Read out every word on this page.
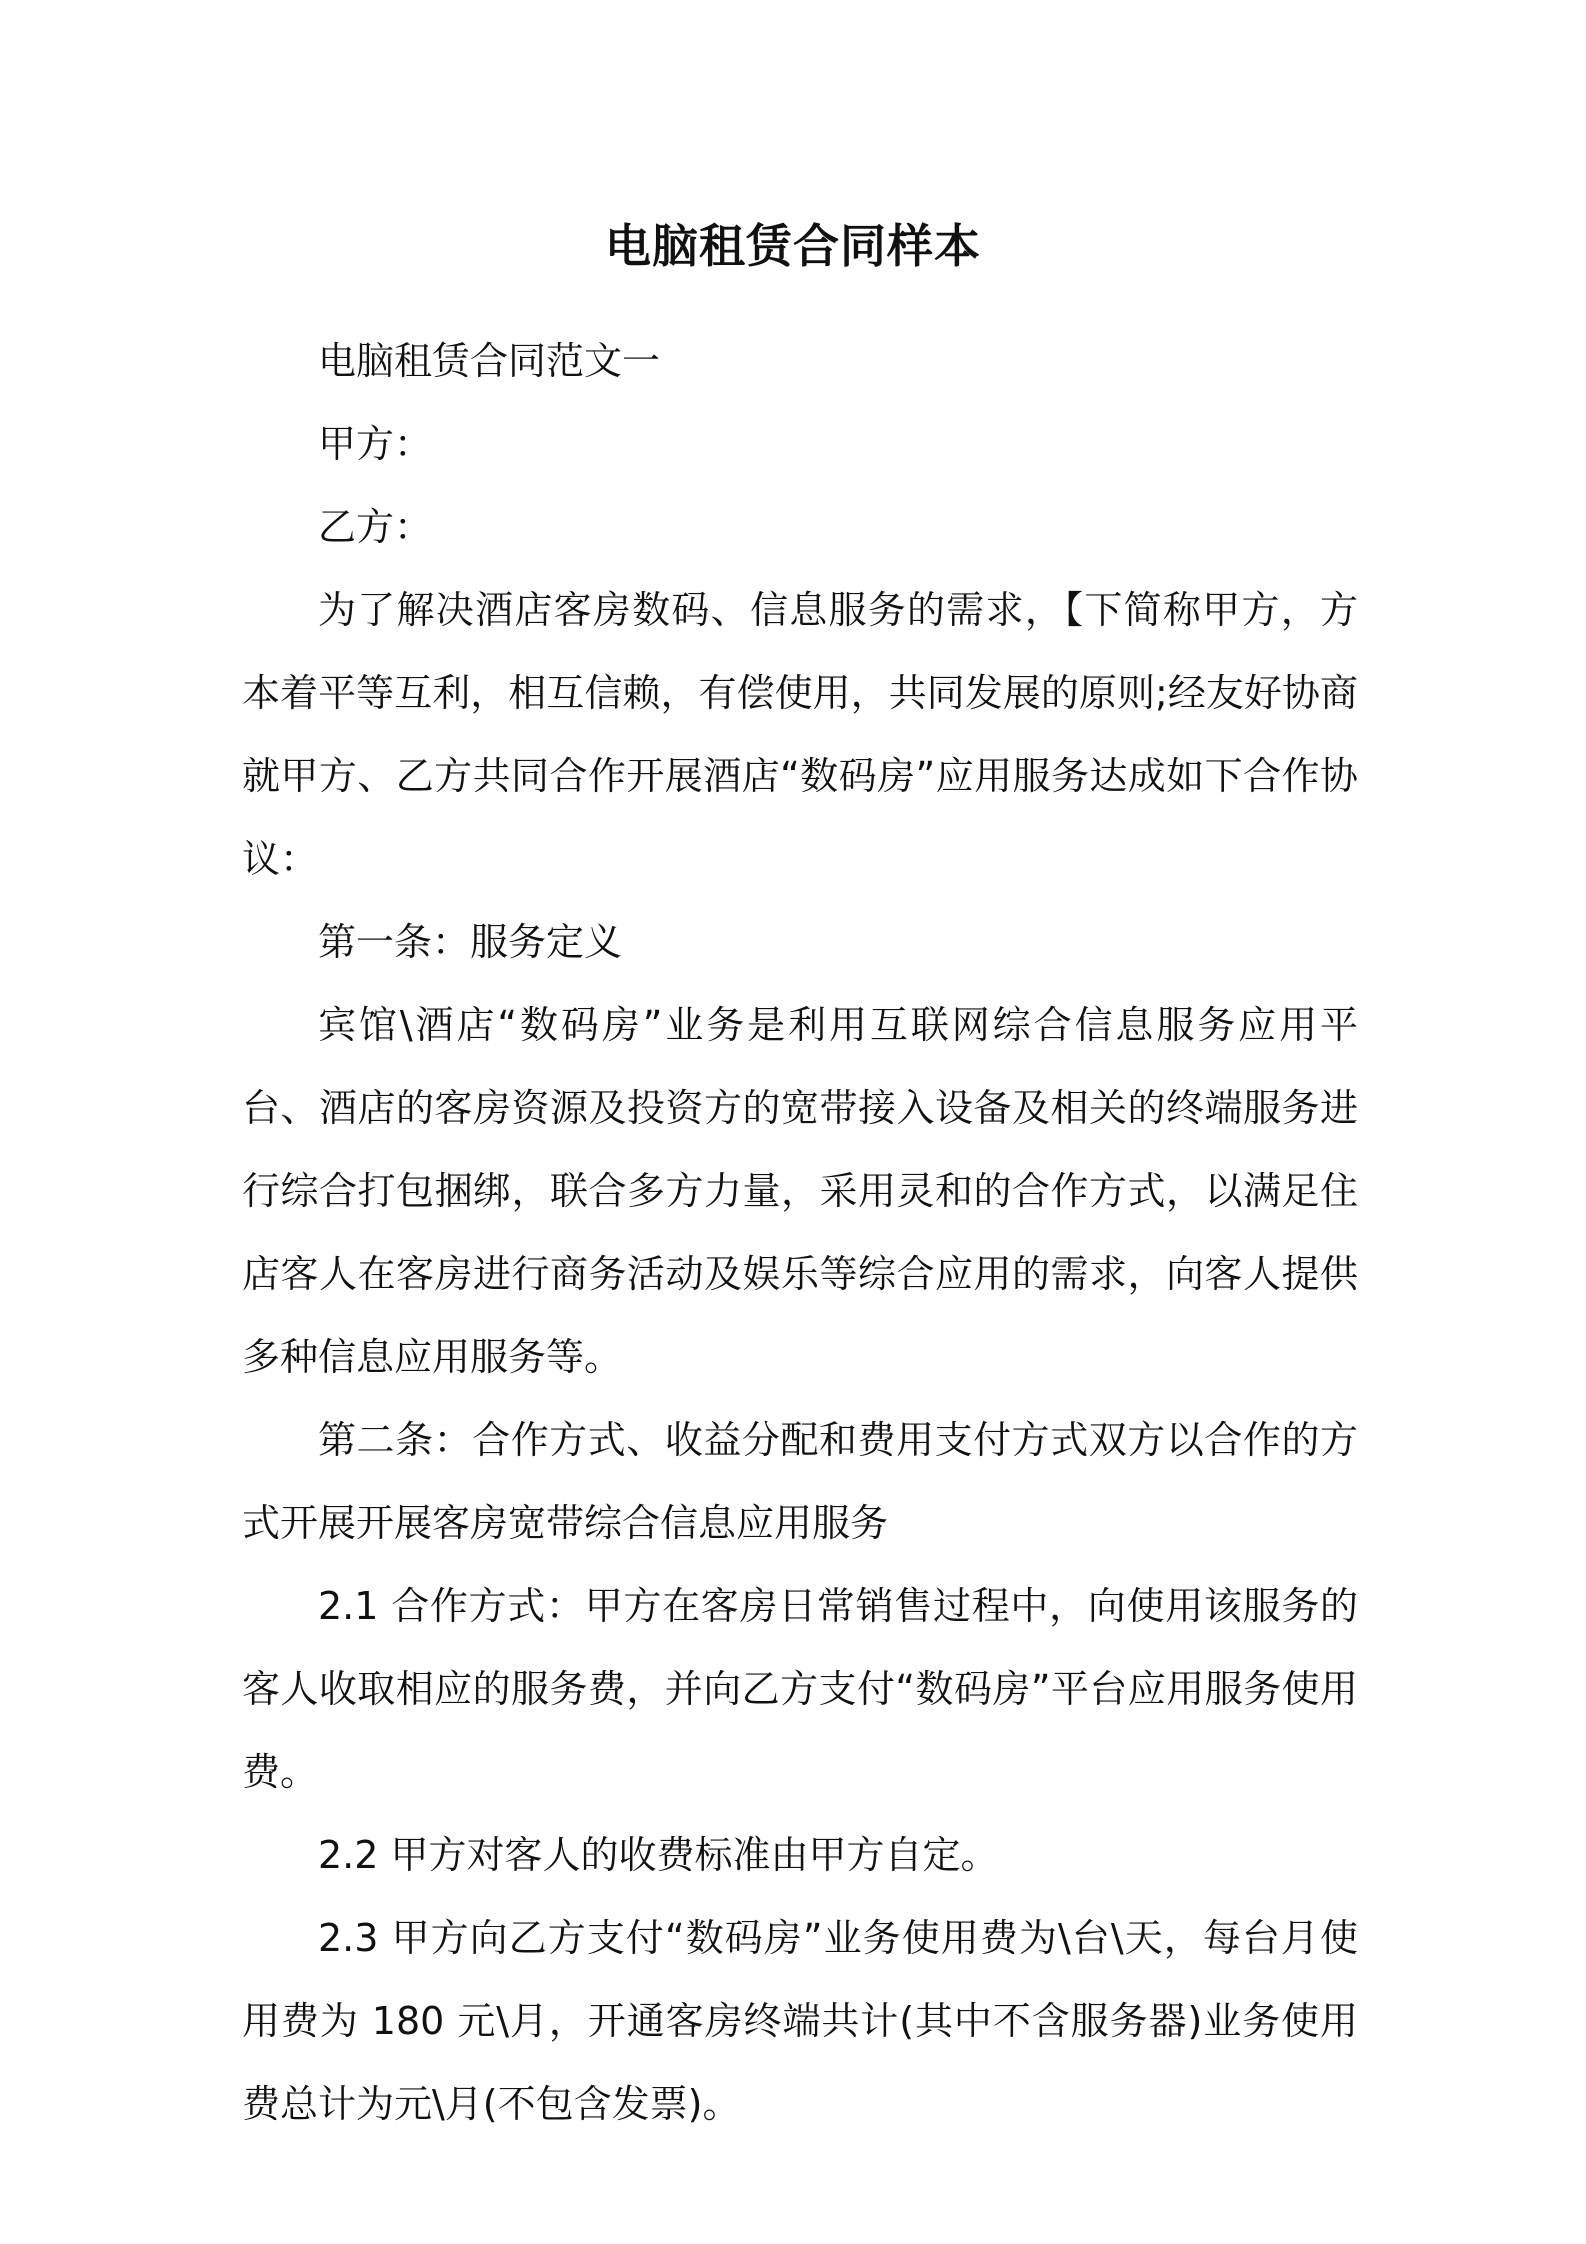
电脑租赁合同样本

电脑租赁合同范文一

甲方：

乙方：

为了解决酒店客房数码、信息服务的需求，【下简称甲方，方本着平等互利，相互信赖，有偿使用，共同发展的原则;经友好协商就甲方、乙方共同合作开展酒店“数码房”应用服务达成如下合作协议：

第一条：服务定义

宾馆\酒店“数码房”业务是利用互联网综合信息服务应用平台、酒店的客房资源及投资方的宽带接入设备及相关的终端服务进行综合打包捆绑，联合多方力量，采用灵和的合作方式，以满足住店客人在客房进行商务活动及娱乐等综合应用的需求，向客人提供多种信息应用服务等。

第二条：合作方式、收益分配和费用支付方式双方以合作的方式开展开展客房宽带综合信息应用服务

2.1 合作方式：甲方在客房日常销售过程中，向使用该服务的客人收取相应的服务费，并向乙方支付“数码房”平台应用服务使用费。

2.2 甲方对客人的收费标准由甲方自定。

2.3 甲方向乙方支付“数码房”业务使用费为\台\天，每台月使用费为 180 元\月，开通客房终端共计(其中不含服务器)业务使用费总计为元\月(不包含发票)。
